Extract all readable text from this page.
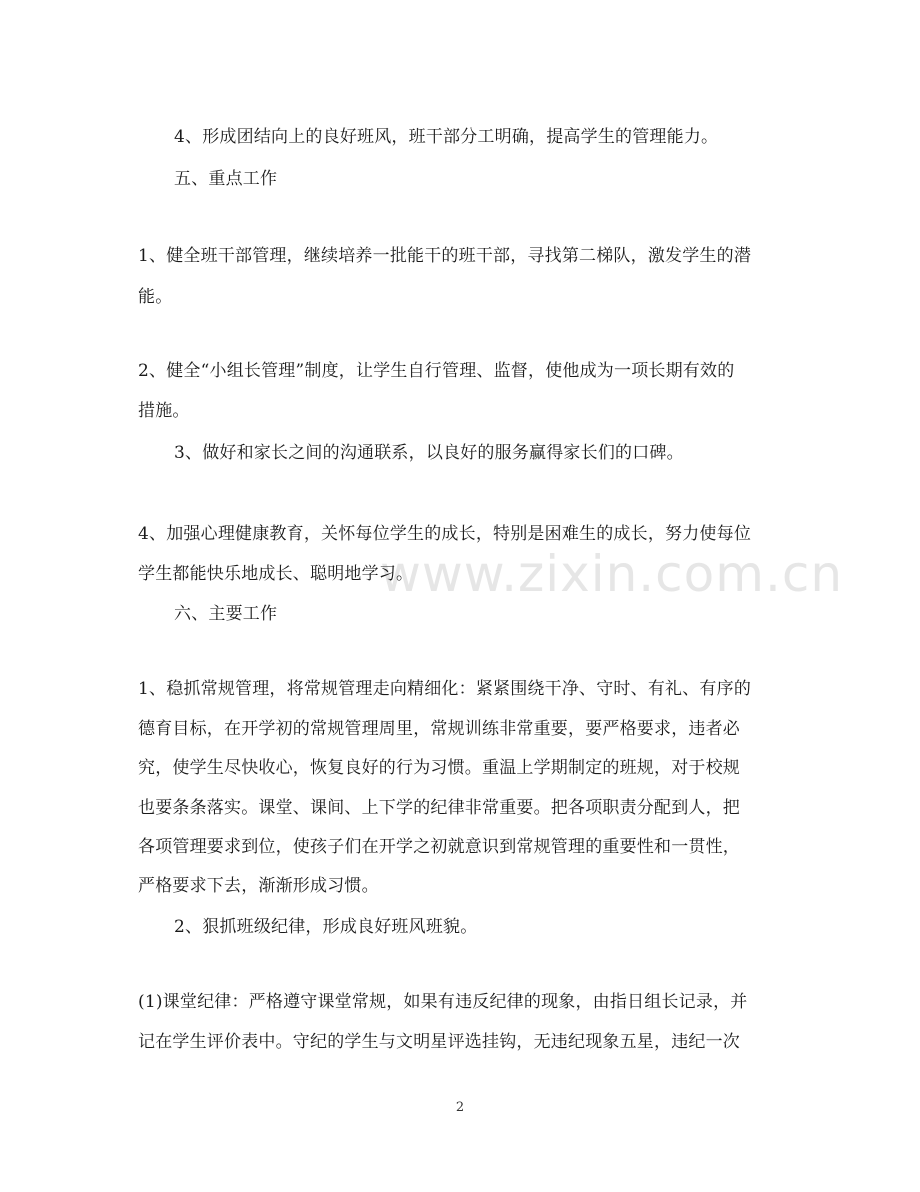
www.zixin.com.cn
4、形成团结向上的良好班风，班干部分工明确，提高学生的管理能力。
五、重点工作
1、健全班干部管理，继续培养一批能干的班干部，寻找第二梯队，激发学生的潜
能。
2、健全“小组长管理”制度，让学生自行管理、监督，使他成为一项长期有效的
措施。
3、做好和家长之间的沟通联系，以良好的服务赢得家长们的口碑。
4、加强心理健康教育，关怀每位学生的成长，特别是困难生的成长，努力使每位
学生都能快乐地成长、聪明地学习。
六、主要工作
1、稳抓常规管理，将常规管理走向精细化：紧紧围绕干净、守时、有礼、有序的
德育目标，在开学初的常规管理周里，常规训练非常重要，要严格要求，违者必
究，使学生尽快收心，恢复良好的行为习惯。重温上学期制定的班规，对于校规
也要条条落实。课堂、课间、上下学的纪律非常重要。把各项职责分配到人，把
各项管理要求到位，使孩子们在开学之初就意识到常规管理的重要性和一贯性，
严格要求下去，渐渐形成习惯。
2、狠抓班级纪律，形成良好班风班貌。
(1)课堂纪律：严格遵守课堂常规，如果有违反纪律的现象，由指日组长记录，并
记在学生评价表中。守纪的学生与文明星评选挂钩，无违纪现象五星，违纪一次
2
